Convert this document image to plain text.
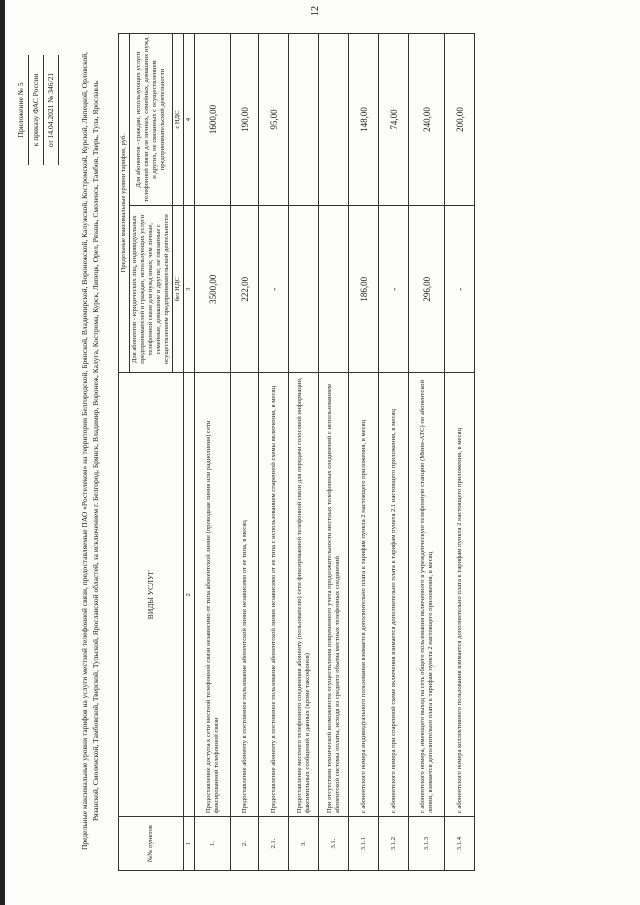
12
Приложение № 5 к приказу ФАС России от 14.04.2021 № 346/21	Предельные максимальные уровни тарифов на услуги местной телефонной связи, предоставляемые ПАО «Ростелеком» на территории Белгородской, Брянской, Владимирской, Воронежской, Калужской, Костромской, Курской, Липецкой, Орловской, Рязанской, Смоленской, Тамбовской, Тверской, Тульской, Ярославской областей, за исключением г. Белгород, Брянск, Владимир, Воронеж, Калуга, Кострома, Курск, Липецк, Орел, Рязань, Смоленск, Тамбов, Тверь, Тула, Ярославль
№№ пунктов	ВИДЫ УСЛУГ	Предельные максимальные уровни тарифов, руб.	
		Для абонентов - юридических лиц, индивидуальных предпринимателей и граждан, использующих услуги телефонной связи для нужд иных, чем личные, семейные, домашние и другие, не связанные с осуществлением предпринимательской деятельности	Для абонентов - граждан, использующих услуги телефонной связи для личных, семейных, домашних нужд и других, не связанных с осуществлением предпринимательской деятельности
		без НДС	с НДС
1	2	3	4
1.	Предоставление доступа к сети местной телефонной связи независимо от типа абонентской линии (проводная линия или радиолиния) сети фиксированной телефонной связи	3500,00	1600,00
2.	Предоставление абоненту в постоянное пользование абонентской линии независимо от ее типа, в месяц	222,00	190,00
2.1.	Предоставление абоненту в постоянное пользование абонентской линии независимо от ее типа с использованием спаренной схемы включения, в месяц	-	95,00
3.	Предоставление местного телефонного соединения абоненту (пользователю) сети фиксированной телефонной связи для передачи голосовой информации, факсимильных сообщений и данных (кроме таксофонов)		
3.1.	При отсутствии технической возможности осуществления повременного учета продолжительности местных телефонных соединений с использованием абонентской системы оплаты, исходя из среднего объема местных телефонных соединений		
3.1.1	с абонентского номера индивидуального пользования взимается дополнительно плата к тарифам пункта 2 настоящего приложения, в месяц	186,00	148,00
3.1.2	с абонентского номера при спаренной схеме включения взимается дополнительно плата к тарифам пункта 2.1 настоящего приложения, в месяц	-	74,00
3.1.3	с абонентского номера, имеющего выход на сеть общего пользования включенного в учрежденческую телефонную станцию (Мини-АТС) по абонентской линии, взимается дополнительно плата к тарифам пункта 2 настоящего приложения, в месяц	296,00	240,00
3.1.4	с абонентского номера коллективного пользования взимается дополнительно плата к тарифам пункта 2 настоящего приложения, в месяц	-	200,00
